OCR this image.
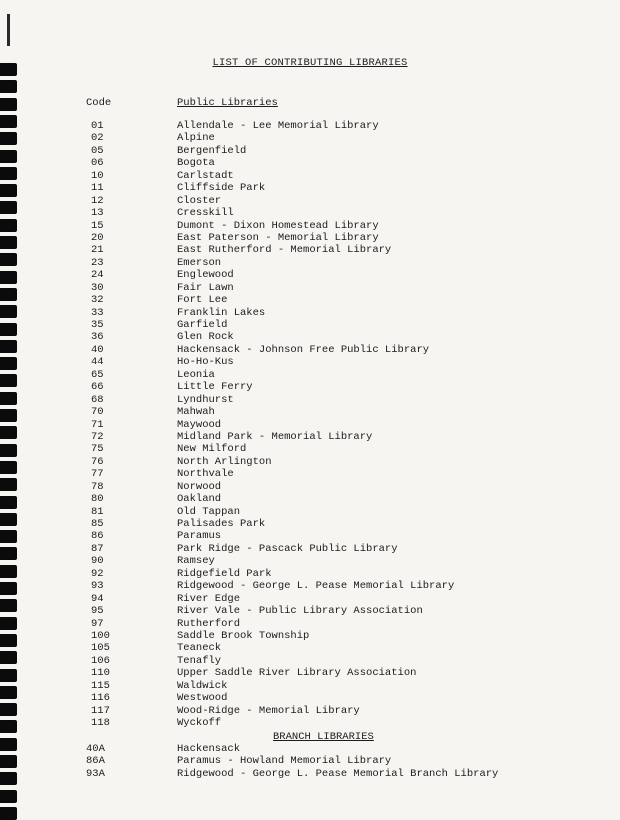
LIST OF CONTRIBUTING LIBRARIES
Code	Public Libraries
01	Allendale - Lee Memorial Library
02	Alpine
05	Bergenfield
06	Bogota
10	Carlstadt
11	Cliffside Park
12	Closter
13	Cresskill
15	Dumont - Dixon Homestead Library
20	East Paterson - Memorial Library
21	East Rutherford - Memorial Library
23	Emerson
24	Englewood
30	Fair Lawn
32	Fort Lee
33	Franklin Lakes
35	Garfield
36	Glen Rock
40	Hackensack - Johnson Free Public Library
44	Ho-Ho-Kus
65	Leonia
66	Little Ferry
68	Lyndhurst
70	Mahwah
71	Maywood
72	Midland Park - Memorial Library
75	New Milford
76	North Arlington
77	Northvale
78	Norwood
80	Oakland
81	Old Tappan
85	Palisades Park
86	Paramus
87	Park Ridge - Pascack Public Library
90	Ramsey
92	Ridgefield Park
93	Ridgewood - George L. Pease Memorial Library
94	River Edge
95	River Vale - Public Library Association
97	Rutherford
100	Saddle Brook Township
105	Teaneck
106	Tenafly
110	Upper Saddle River Library Association
115	Waldwick
116	Westwood
117	Wood-Ridge - Memorial Library
118	Wyckoff
BRANCH LIBRARIES
40A	Hackensack
86A	Paramus - Howland Memorial Library
93A	Ridgewood - George L. Pease Memorial Branch Library
